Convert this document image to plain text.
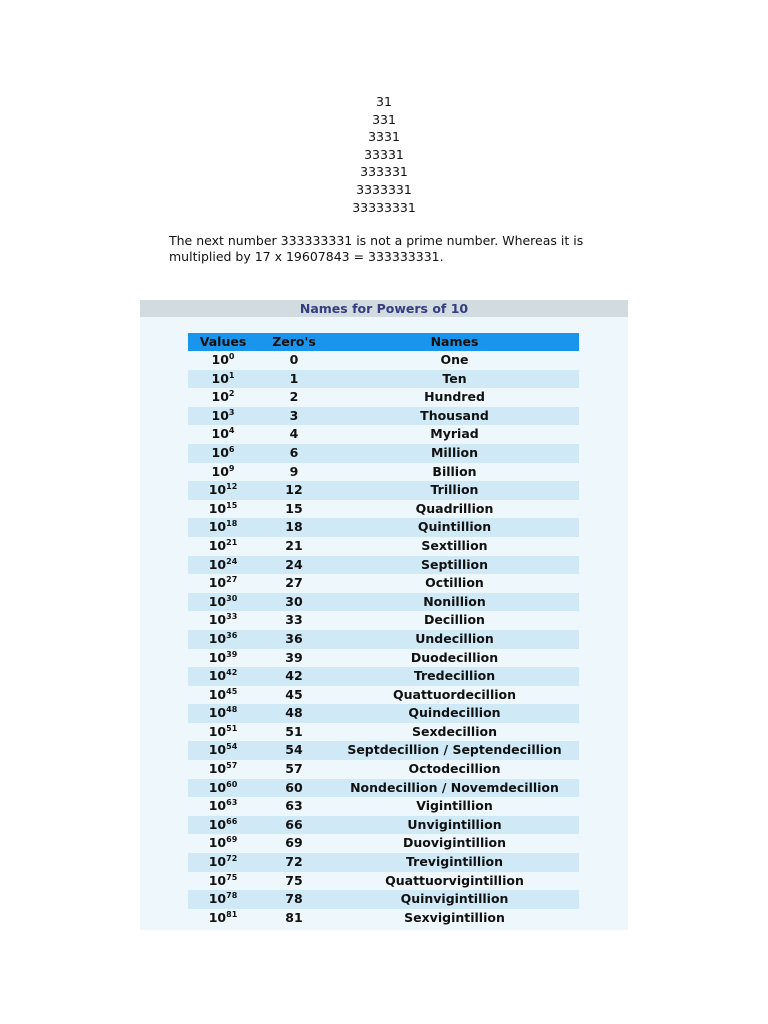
31
331
3331
33331
333331
3333331
33333331

The next number 333333331 is not a prime number. Whereas it is multiplied by 17 x 19607843 = 333333331.

Names for Powers of 10
Values	Zero's	Names
$10^0$	0	One
$10^1$	1	Ten
$10^2$	2	Hundred
$10^3$	3	Thousand
$10^4$	4	Myriad
$10^6$	6	Million
$10^9$	9	Billion
$10^{12}$	12	Trillion
$10^{15}$	15	Quadrillion
$10^{18}$	18	Quintillion
$10^{21}$	21	Sextillion
$10^{24}$	24	Septillion
$10^{27}$	27	Octillion
$10^{30}$	30	Nonillion
$10^{33}$	33	Decillion
$10^{36}$	36	Undecillion
$10^{39}$	39	Duodecillion
$10^{42}$	42	Tredecillion
$10^{45}$	45	Quattuordecillion
$10^{48}$	48	Quindecillion
$10^{51}$	51	Sexdecillion
$10^{54}$	54	Septdecillion / Septendecillion
$10^{57}$	57	Octodecillion
$10^{60}$	60	Nondecillion / Novemdecillion
$10^{63}$	63	Vigintillion
$10^{66}$	66	Unvigintillion
$10^{69}$	69	Duovigintillion
$10^{72}$	72	Trevigintillion
$10^{75}$	75	Quattuorvigintillion
$10^{78}$	78	Quinvigintillion
$10^{81}$	81	Sexvigintillion
